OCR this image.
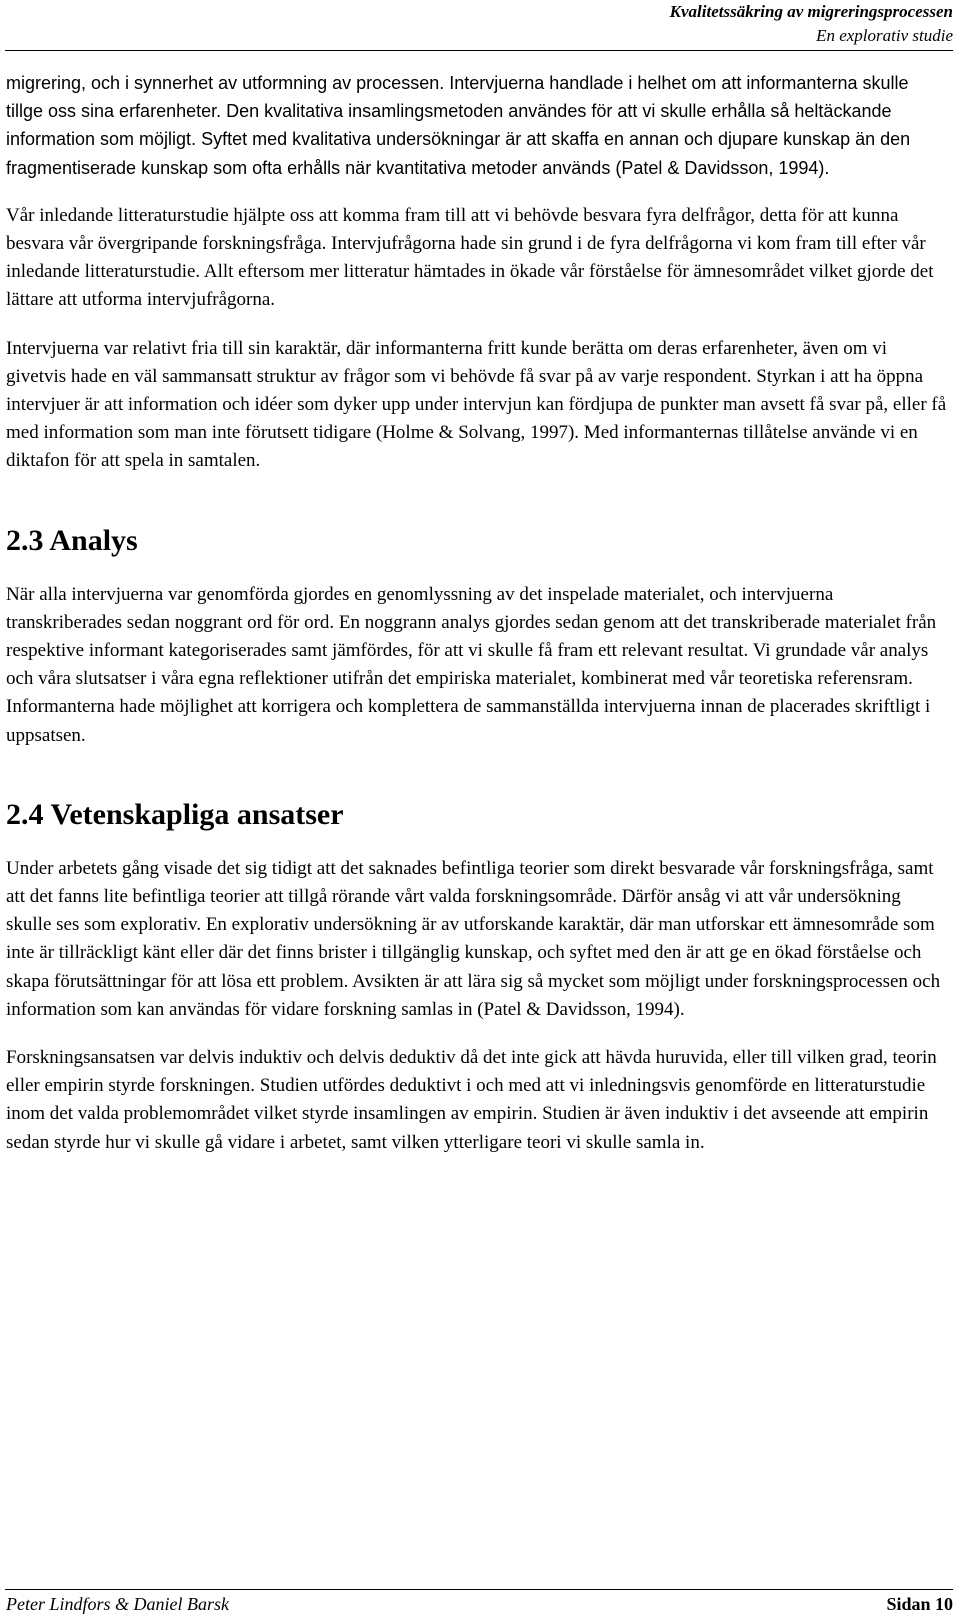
Kvalitetssäkring av migreringsprocessen
En explorativ studie

migrering, och i synnerhet av utformning av processen. Intervjuerna handlade i helhet om att informanterna skulle tillge oss sina erfarenheter. Den kvalitativa insamlingsmetoden användes för att vi skulle erhålla så heltäckande information som möjligt. Syftet med kvalitativa undersökningar är att skaffa en annan och djupare kunskap än den fragmentiserade kunskap som ofta erhålls när kvantitativa metoder används (Patel & Davidsson, 1994).

Vår inledande litteraturstudie hjälpte oss att komma fram till att vi behövde besvara fyra delfrågor, detta för att kunna besvara vår övergripande forskningsfråga. Intervjufrågorna hade sin grund i de fyra delfrågorna vi kom fram till efter vår inledande litteraturstudie. Allt eftersom mer litteratur hämtades in ökade vår förståelse för ämnesområdet vilket gjorde det lättare att utforma intervjufrågorna.

Intervjuerna var relativt fria till sin karaktär, där informanterna fritt kunde berätta om deras erfarenheter, även om vi givetvis hade en väl sammansatt struktur av frågor som vi behövde få svar på av varje respondent. Styrkan i att ha öppna intervjuer är att information och idéer som dyker upp under intervjun kan fördjupa de punkter man avsett få svar på, eller få med information som man inte förutsett tidigare (Holme & Solvang, 1997). Med informanternas tillåtelse använde vi en diktafon för att spela in samtalen.

2.3 Analys

När alla intervjuerna var genomförda gjordes en genomlyssning av det inspelade materialet, och intervjuerna transkriberades sedan noggrant ord för ord. En noggrann analys gjordes sedan genom att det transkriberade materialet från respektive informant kategoriserades samt jämfördes, för att vi skulle få fram ett relevant resultat. Vi grundade vår analys och våra slutsatser i våra egna reflektioner utifrån det empiriska materialet, kombinerat med vår teoretiska referensram. Informanterna hade möjlighet att korrigera och komplettera de sammanställda intervjuerna innan de placerades skriftligt i uppsatsen.

2.4 Vetenskapliga ansatser

Under arbetets gång visade det sig tidigt att det saknades befintliga teorier som direkt besvarade vår forskningsfråga, samt att det fanns lite befintliga teorier att tillgå rörande vårt valda forskningsområde. Därför ansåg vi att vår undersökning skulle ses som explorativ. En explorativ undersökning är av utforskande karaktär, där man utforskar ett ämnesområde som inte är tillräckligt känt eller där det finns brister i tillgänglig kunskap, och syftet med den är att ge en ökad förståelse och skapa förutsättningar för att lösa ett problem. Avsikten är att lära sig så mycket som möjligt under forskningsprocessen och information som kan användas för vidare forskning samlas in (Patel & Davidsson, 1994).

Forskningsansatsen var delvis induktiv och delvis deduktiv då det inte gick att hävda huruvida, eller till vilken grad, teorin eller empirin styrde forskningen. Studien utfördes deduktivt i och med att vi inledningsvis genomförde en litteraturstudie inom det valda problemområdet vilket styrde insamlingen av empirin. Studien är även induktiv i det avseende att empirin sedan styrde hur vi skulle gå vidare i arbetet, samt vilken ytterligare teori vi skulle samla in.

Peter Lindfors & Daniel Barsk	Sidan 10
